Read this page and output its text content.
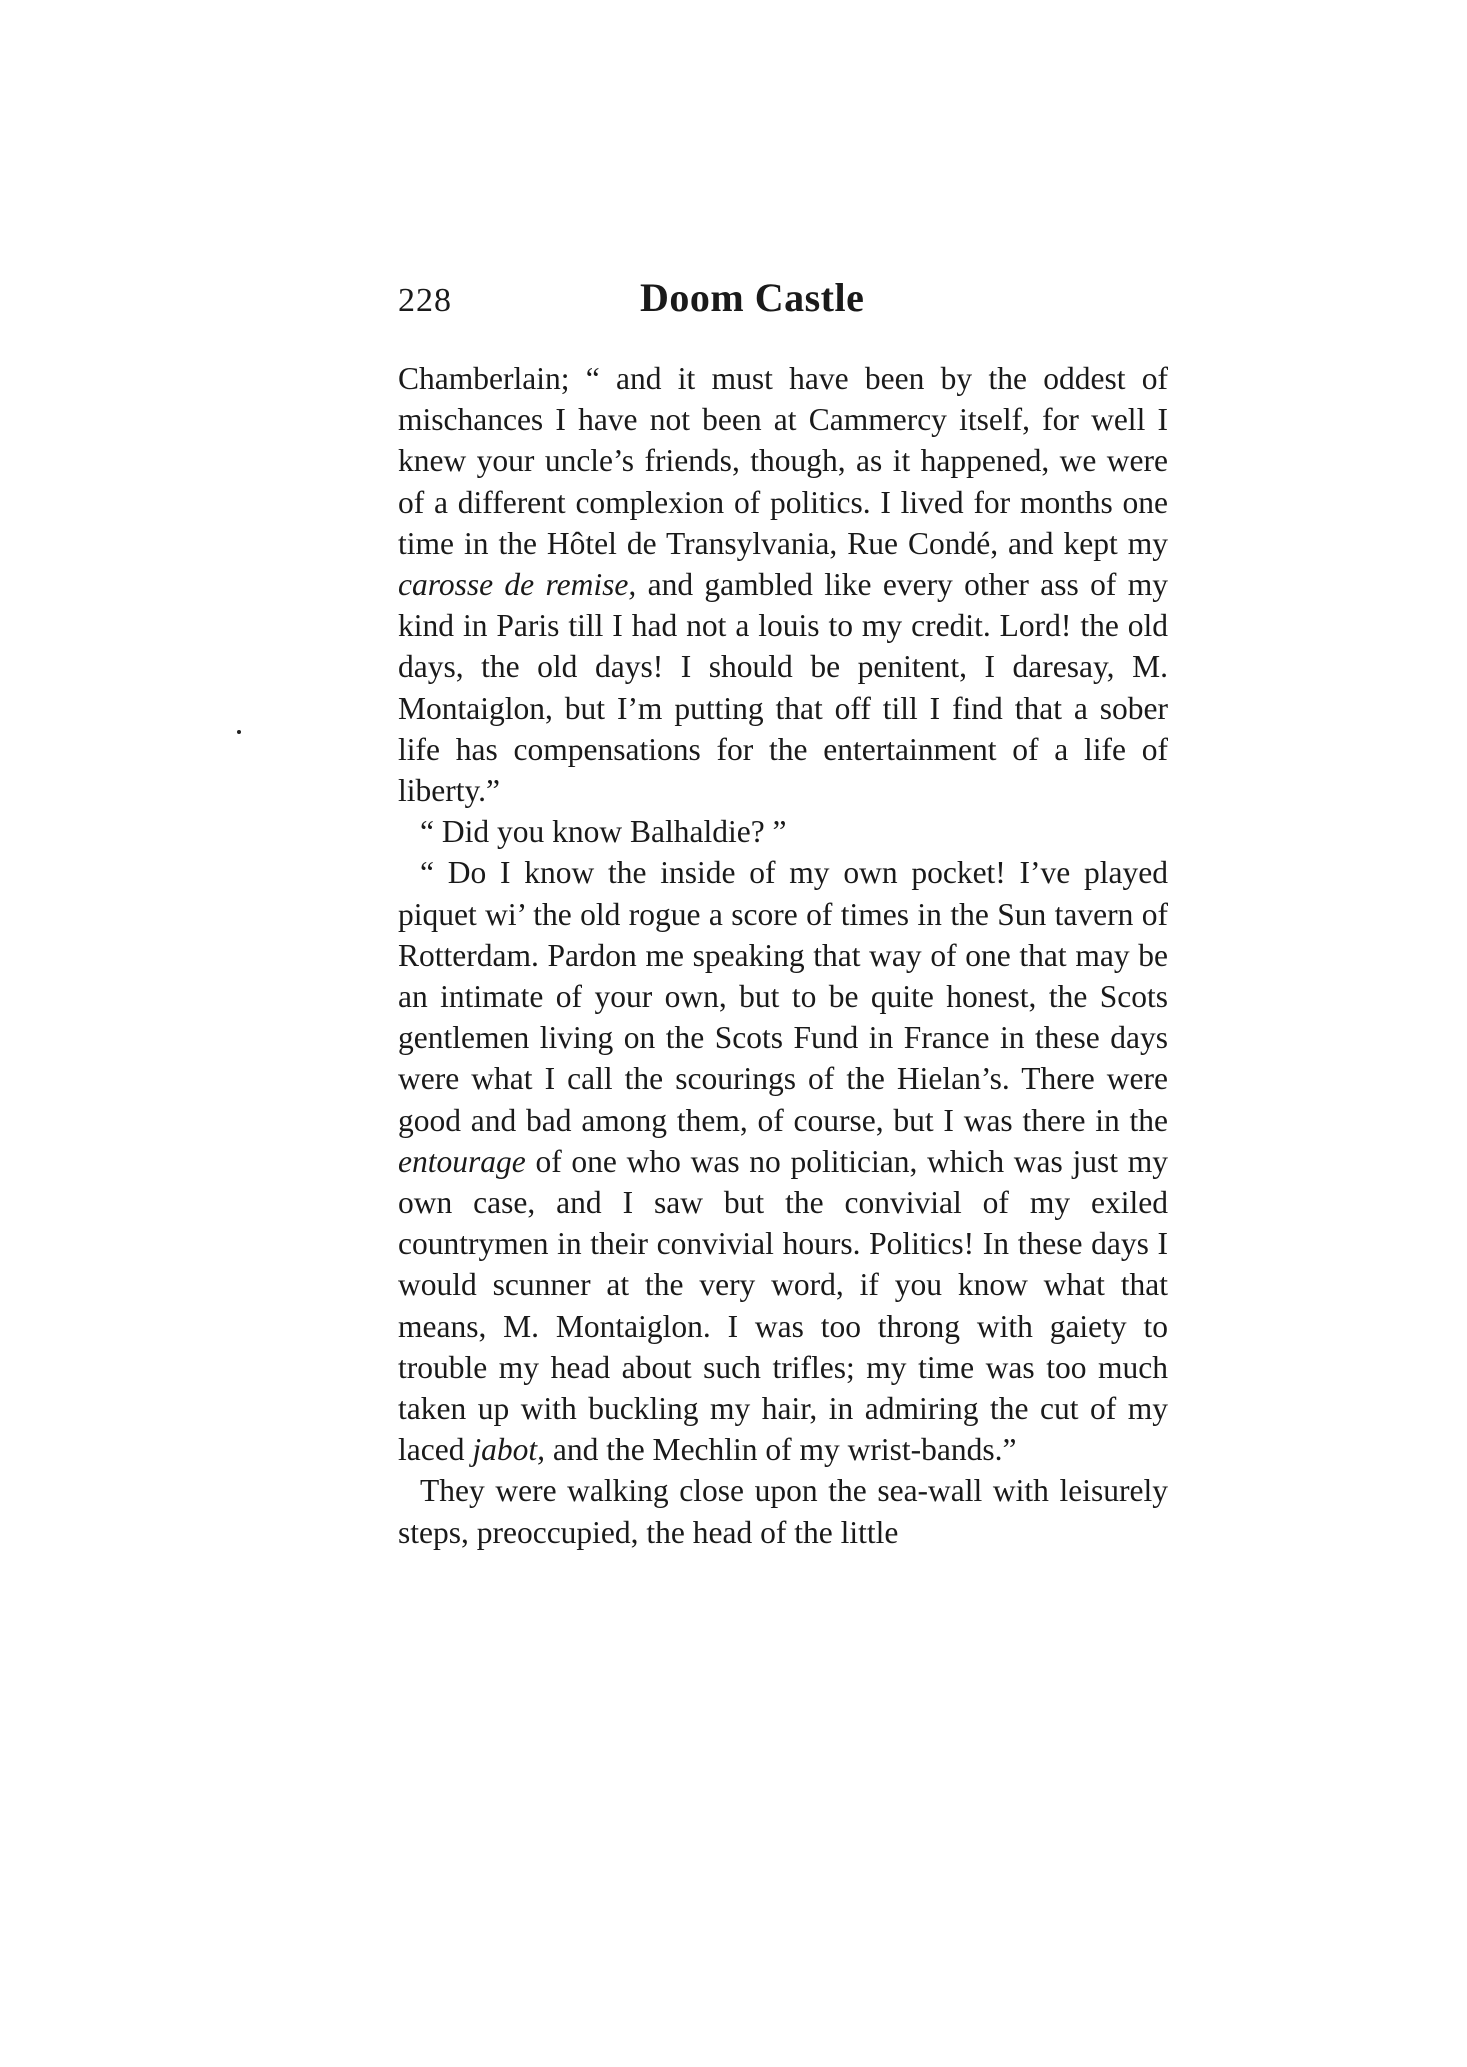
228	Doom Castle

Chamberlain; “ and it must have been by the oddest of mischances I have not been at Cammercy itself, for well I knew your uncle’s friends, though, as it happened, we were of a different complexion of politics. I lived for months one time in the Hôtel de Transylvania, Rue Condé, and kept my carosse de remise, and gambled like every other ass of my kind in Paris till I had not a louis to my credit. Lord! the old days, the old days! I should be penitent, I daresay, M. Montaiglon, but I’m putting that off till I find that a sober life has compensations for the entertainment of a life of liberty.”

“ Did you know Balhaldie? ”

“ Do I know the inside of my own pocket! I’ve played piquet wi’ the old rogue a score of times in the Sun tavern of Rotterdam. Pardon me speaking that way of one that may be an intimate of your own, but to be quite honest, the Scots gentlemen living on the Scots Fund in France in these days were what I call the scourings of the Hielan’s. There were good and bad among them, of course, but I was there in the entourage of one who was no politician, which was just my own case, and I saw but the convivial of my exiled countrymen in their convivial hours. Politics! In these days I would scunner at the very word, if you know what that means, M. Montaiglon. I was too throng with gaiety to trouble my head about such trifles; my time was too much taken up with buckling my hair, in admiring the cut of my laced jabot, and the Mechlin of my wrist-bands.”

They were walking close upon the sea-wall with leisurely steps, preoccupied, the head of the little
